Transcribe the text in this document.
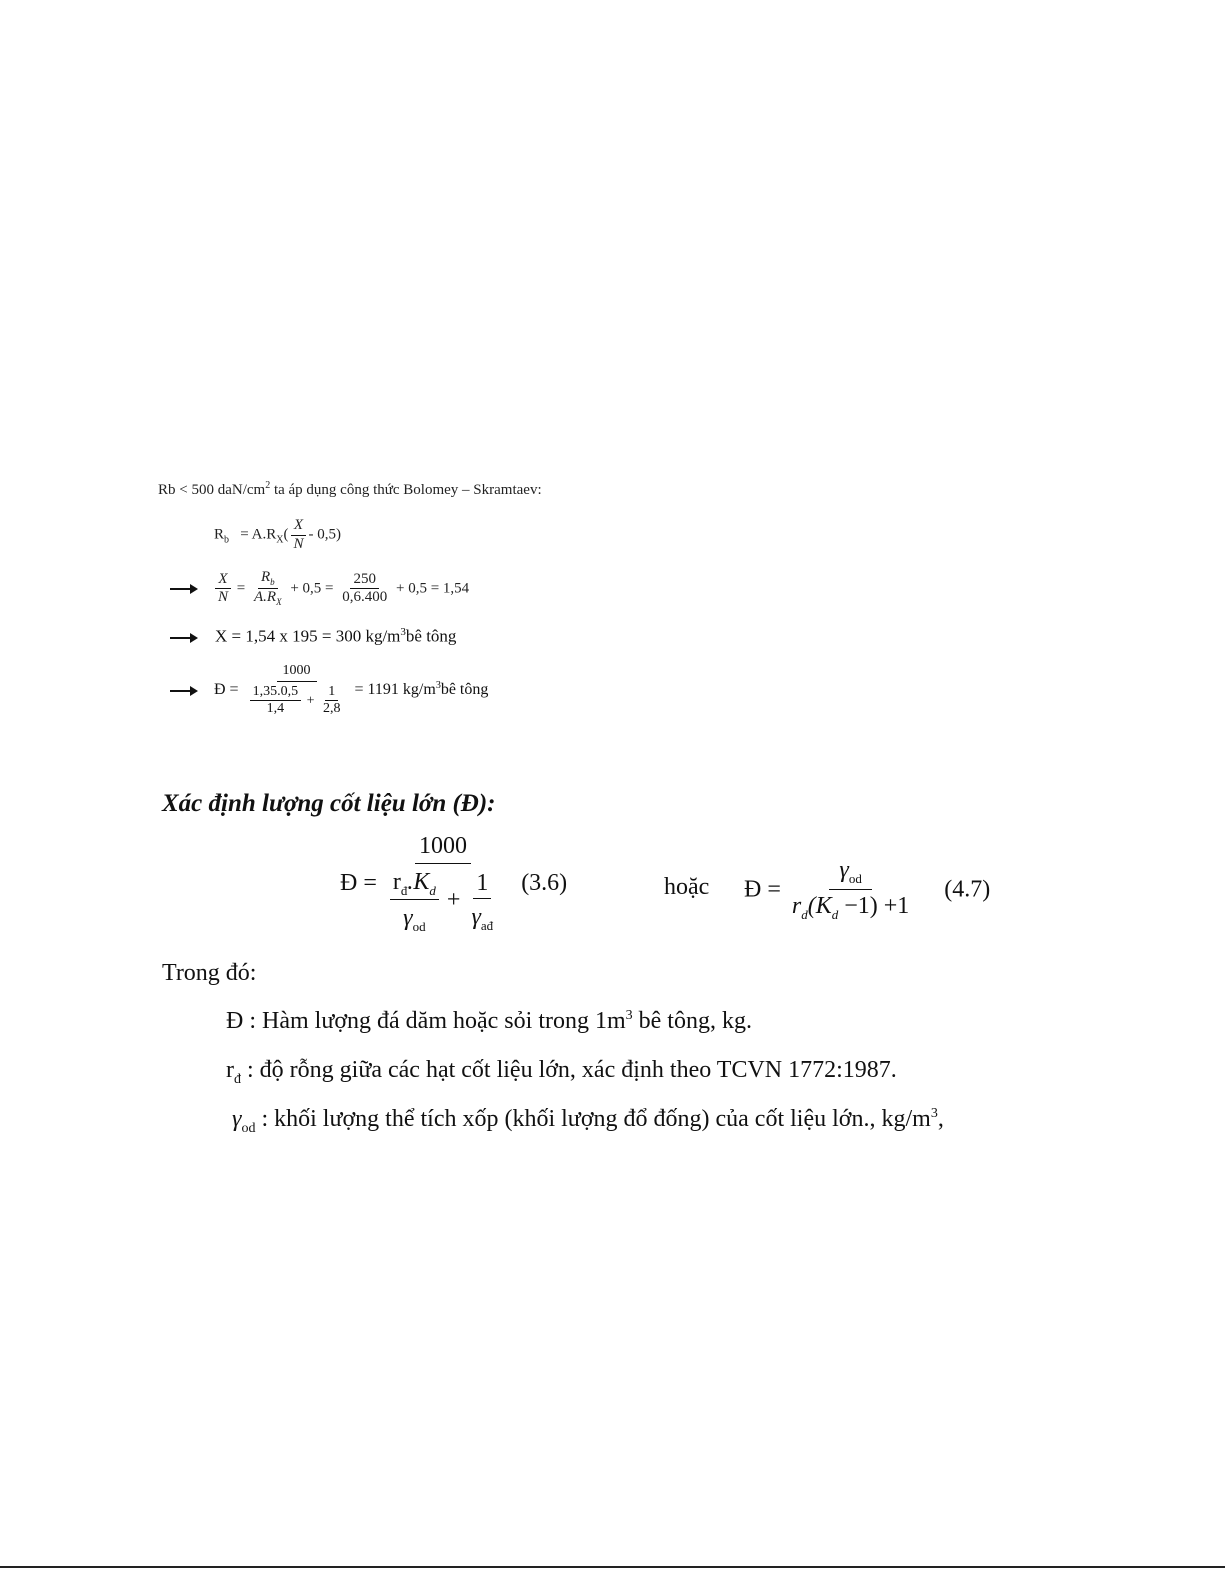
Rb < 500 daN/$cm^2$ ta áp dụng công thức Bolomey – Skramtaev:
$R_b = A.R_X( \frac{X}{N} - 0,5)$

$\frac{X}{N} = \frac{R_b}{A.R_X} + 0,5 = \frac{250}{0,6.400} + 0,5 = 1,54$
X = 1,54 x 195 = 300 $kg/m^3bê$ tông
Đ = $\frac{1000}{\frac{1,35.0,5}{1,4} + \frac{1}{2,8}} = 1191$ $kg/m^3bê$ tông
Xác định lượng cốt liệu lớn (Đ):
Đ =
1000
$\frac{r_đ.K_d}{\gamma_{od}} + \frac{1}{\gamma_{ađ}} (3.6)$	hoặc Đ = $\frac{\gamma_{od}}{r_d(K_d -1) +1} (4.7)$
Trong đó:
Đ : Hàm lượng đá dăm hoặc sỏi trong $1m^3$ bê tông, kg.
$r_đ$ : độ rỗng giữa các hạt cốt liệu lớn, xác định theo TCVN 1772:1987.
$\gamma_{od}$ : khối lượng thể tích xốp (khối lượng đổ đống) của cốt liệu lớn., $kg/m^3$,
